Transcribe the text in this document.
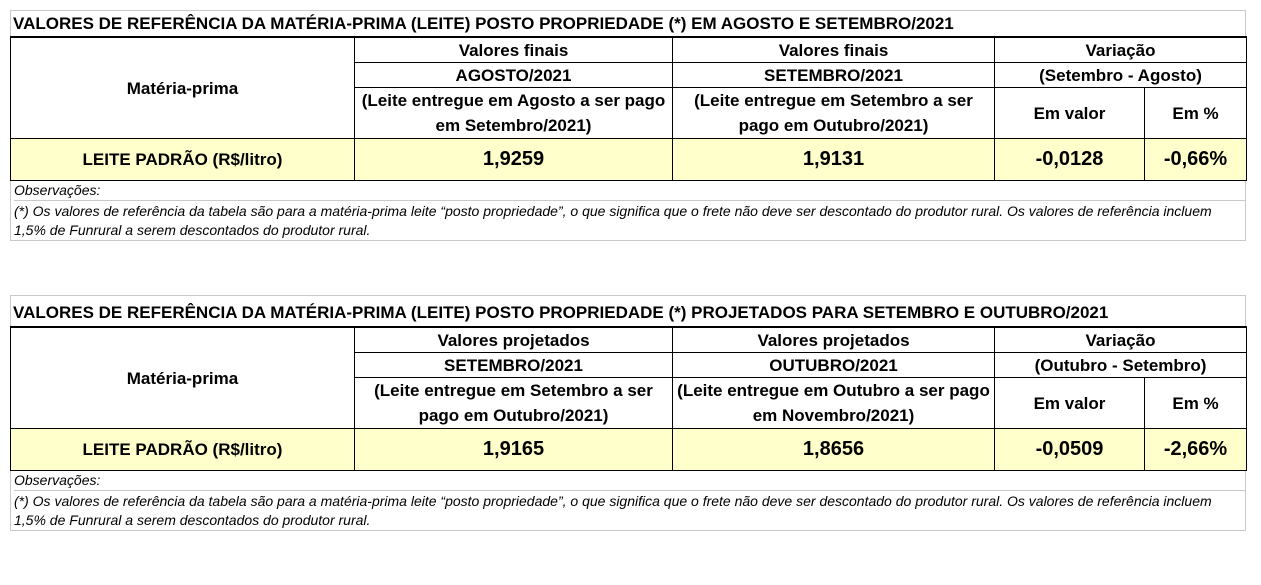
VALORES DE REFERÊNCIA DA MATÉRIA-PRIMA (LEITE) POSTO PROPRIEDADE (*) EM AGOSTO E SETEMBRO/2021
Matéria-prima	Valores finais	Valores finais	Variação	
	AGOSTO/2021	SETEMBRO/2021	(Setembro - Agosto)	
	(Leite entregue em Agosto a ser pago em Setembro/2021)	(Leite entregue em Setembro a ser pago em Outubro/2021)	Em valor	Em %
LEITE PADRÃO (R$/litro)	1,9259	1,9131	-0,0128	-0,66%
Observações:
(*) Os valores de referência da tabela são para a matéria-prima leite “posto propriedade”, o que significa que o frete não deve ser descontado do produtor rural. Os valores de referência incluem 1,5% de Funrural a serem descontados do produtor rural.
VALORES DE REFERÊNCIA DA MATÉRIA-PRIMA (LEITE) POSTO PROPRIEDADE (*) PROJETADOS PARA SETEMBRO E OUTUBRO/2021
Matéria-prima	Valores projetados	Valores projetados	Variação	
	SETEMBRO/2021	OUTUBRO/2021	(Outubro - Setembro)	
	(Leite entregue em Setembro a ser pago em Outubro/2021)	(Leite entregue em Outubro a ser pago em Novembro/2021)	Em valor	Em %
LEITE PADRÃO (R$/litro)	1,9165	1,8656	-0,0509	-2,66%
Observações:
(*) Os valores de referência da tabela são para a matéria-prima leite “posto propriedade”, o que significa que o frete não deve ser descontado do produtor rural. Os valores de referência incluem 1,5% de Funrural a serem descontados do produtor rural.
